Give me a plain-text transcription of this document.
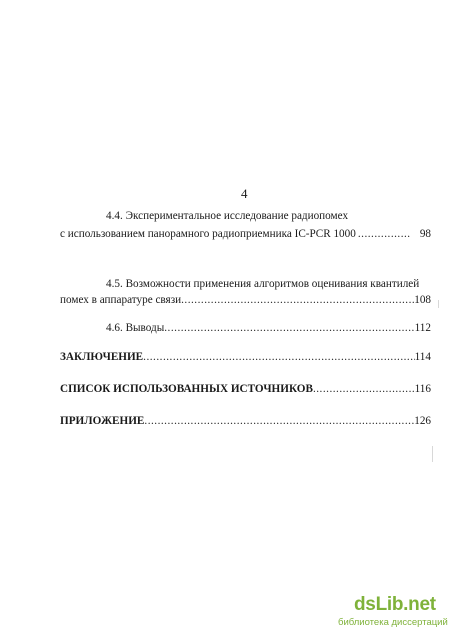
4
4.4. Экспериментальное исследование радиопомех
с использованием панорамного радиоприемника IC-PCR 1000 .....	98
4.5. Возможности применения алгоритмов оценивания квантилей
помех в аппаратуре связи .....	108
4.6. Выводы .....	112
ЗАКЛЮЧЕНИЕ .....	114
СПИСОК ИСПОЛЬЗОВАННЫХ ИСТОЧНИКОВ .....	116
ПРИЛОЖЕНИЕ .....	126
dsLib.net
библиотека диссертаций
